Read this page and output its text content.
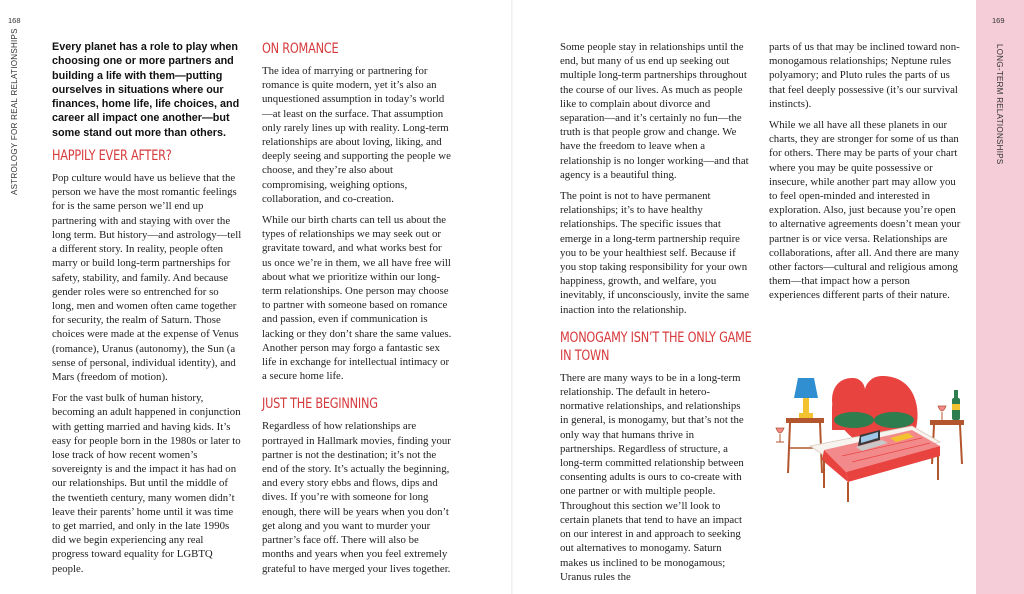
168	169
ASTROLOGY FOR REAL RELATIONSHIPS	LONG-TERM RELATIONSHIPS

Every planet has a role to play when choosing one or more partners and building a life with them—putting ourselves in situations where our finances, home life, life choices, and career all impact one another—but some stand out more than others.

HAPPILY EVER AFTER?

Pop culture would have us believe that the person we have the most romantic feelings for is the same person we’ll end up partnering with and staying with over the long term. But history—and astrology—tell a different story. In reality, people often marry or build long-term partnerships for safety, stability, and family. And because gender roles were so entrenched for so long, men and women often came together for security, the realm of Saturn. Those choices were made at the expense of Venus (romance), Uranus (autonomy), the Sun (a sense of personal, individual identity), and Mars (freedom of motion).

For the vast bulk of human history, becoming an adult happened in conjunction with getting married and having kids. It’s easy for people born in the 1980s or later to lose track of how recent women’s sovereignty is and the impact it has had on our relationships. But until the middle of the twentieth century, many women didn’t leave their parents’ home until it was time to get married, and only in the late 1990s did we begin experiencing any real progress toward equality for LGBTQ people.

ON ROMANCE

The idea of marrying or partnering for romance is quite modern, yet it’s also an unquestioned assumption in today’s world—at least on the surface. That assumption only rarely lines up with reality. Long-term relationships are about loving, liking, and deeply seeing and supporting the people we choose, and they’re also about compromising, weighing options, collaboration, and co-creation.

While our birth charts can tell us about the types of relationships we may seek out or gravitate toward, and what works best for us once we’re in them, we all have free will about what we prioritize within our long-term relationships. One person may choose to partner with someone based on romance and passion, even if communication is lacking or they don’t share the same values. Another person may forgo a fantastic sex life in exchange for intellectual intimacy or a secure home life.

JUST THE BEGINNING

Regardless of how relationships are portrayed in Hallmark movies, finding your partner is not the destination; it’s not the end of the story. It’s actually the beginning, and every story ebbs and flows, dips and dives. If you’re with someone for long enough, there will be years when you don’t get along and you want to murder your partner’s face off. There will also be months and years when you feel extremely grateful to have merged your lives together.

Some people stay in relationships until the end, but many of us end up seeking out multiple long-term partnerships throughout the course of our lives. As much as people like to complain about divorce and separation—and it’s certainly no fun—the truth is that people grow and change. We have the freedom to leave when a relationship is no longer working—and that agency is a beautiful thing.

The point is not to have permanent relationships; it’s to have healthy relationships. The specific issues that emerge in a long-term partnership require you to be your healthiest self. Because if you stop taking responsibility for your own happiness, growth, and welfare, you inevitably, if unconsciously, invite the same inaction into the relationship.

MONOGAMY ISN’T THE ONLY GAME
IN TOWN

There are many ways to be in a long-term relationship. The default in hetero-normative relationships, and relationships in general, is monogamy, but that’s not the only way that humans thrive in partnerships. Regardless of structure, a long-term committed relationship between consenting adults is ours to co-create with one partner or with multiple people. Throughout this section we’ll look to certain planets that tend to have an impact on our interest in and approach to seeking out alternatives to monogamy. Saturn makes us inclined to be monogamous; Uranus rules the

parts of us that may be inclined toward non-monogamous relationships; Neptune rules polyamory; and Pluto rules the parts of us that feel deeply possessive (it’s our survival instincts).

While we all have all these planets in our charts, they are stronger for some of us than for others. There may be parts of your chart where you may be quite possessive or insecure, while another part may allow you to feel open-minded and interested in exploration. Also, just because you’re open to alternative agreements doesn’t mean your partner is or vice versa. Relationships are collaborations, after all. And there are many other factors—cultural and religious among them—that impact how a person experiences different parts of their nature.
